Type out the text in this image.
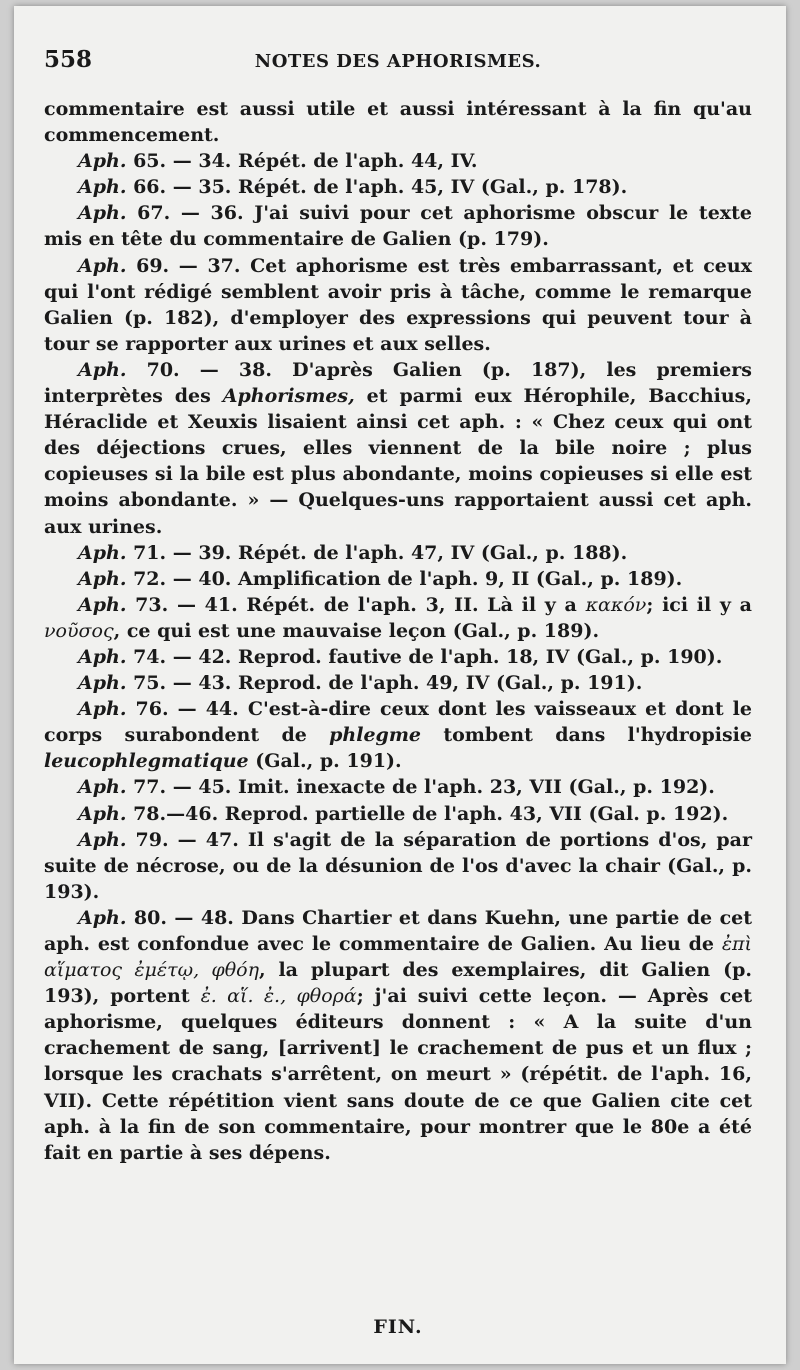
558	NOTES DES APHORISMES.

commentaire est aussi utile et aussi intéressant à la fin qu'au commencement.

Aph. 65. — 34. Répét. de l'aph. 44, IV.

Aph. 66. — 35. Répét. de l'aph. 45, IV (Gal., p. 178).

Aph. 67. — 36. J'ai suivi pour cet aphorisme obscur le texte mis en tête du commentaire de Galien (p. 179).

Aph. 69. — 37. Cet aphorisme est très embarrassant, et ceux qui l'ont rédigé semblent avoir pris à tâche, comme le remarque Galien (p. 182), d'employer des expressions qui peuvent tour à tour se rapporter aux urines et aux selles.

Aph. 70. — 38. D'après Galien (p. 187), les premiers interprètes des Aphorismes, et parmi eux Hérophile, Bacchius, Héraclide et Xeuxis lisaient ainsi cet aph. : « Chez ceux qui ont des déjections crues, elles viennent de la bile noire ; plus copieuses si la bile est plus abondante, moins copieuses si elle est moins abondante. » — Quelques-uns rapportaient aussi cet aph. aux urines.

Aph. 71. — 39. Répét. de l'aph. 47, IV (Gal., p. 188).

Aph. 72. — 40. Amplification de l'aph. 9, II (Gal., p. 189).

Aph. 73. — 41. Répét. de l'aph. 3, II. Là il y a κακόν; ici il y a νοῦσος, ce qui est une mauvaise leçon (Gal., p. 189).

Aph. 74. — 42. Reprod. fautive de l'aph. 18, IV (Gal., p. 190).

Aph. 75. — 43. Reprod. de l'aph. 49, IV (Gal., p. 191).

Aph. 76. — 44. C'est-à-dire ceux dont les vaisseaux et dont le corps surabondent de phlegme tombent dans l'hydropisie leucophlegmatique (Gal., p. 191).

Aph. 77. — 45. Imit. inexacte de l'aph. 23, VII (Gal., p. 192).

Aph. 78.—46. Reprod. partielle de l'aph. 43, VII (Gal. p. 192).

Aph. 79. — 47. Il s'agit de la séparation de portions d'os, par suite de nécrose, ou de la désunion de l'os d'avec la chair (Gal., p. 193).

Aph. 80. — 48. Dans Chartier et dans Kuehn, une partie de cet aph. est confondue avec le commentaire de Galien. Au lieu de ἐπὶ αἵματος ἐμέτῳ, φθόη, la plupart des exemplaires, dit Galien (p. 193), portent ἐ. αἵ. ἐ., φθορά; j'ai suivi cette leçon. — Après cet aphorisme, quelques éditeurs donnent : « A la suite d'un crachement de sang, [arrivent] le crachement de pus et un flux ; lorsque les crachats s'arrêtent, on meurt » (répétit. de l'aph. 16, VII). Cette répétition vient sans doute de ce que Galien cite cet aph. à la fin de son commentaire, pour montrer que le 80e a été fait en partie à ses dépens.

FIN.
